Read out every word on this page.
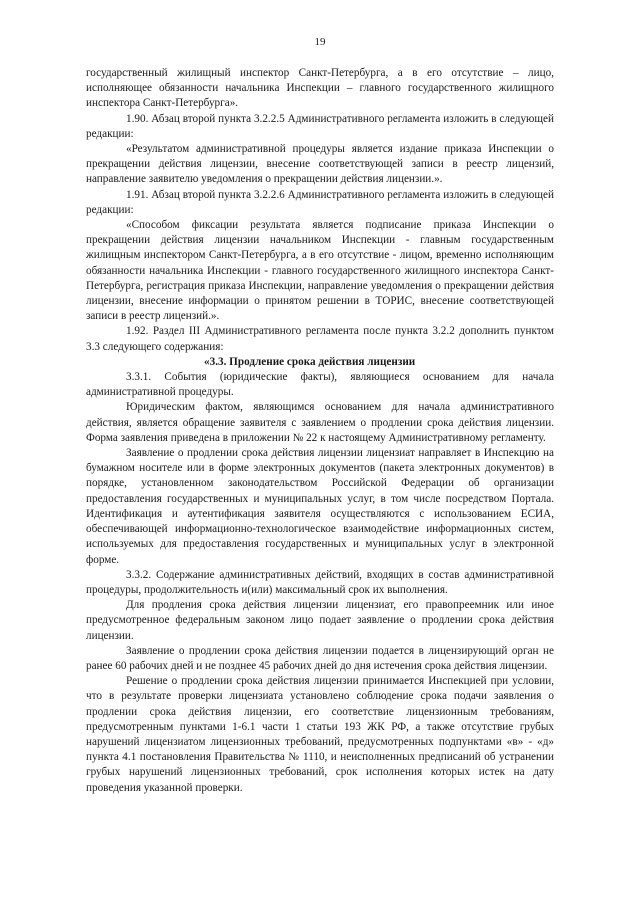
19

государственный жилищный инспектор Санкт-Петербурга, а в его отсутствие – лицо, исполняющее обязанности начальника Инспекции – главного государственного жилищного инспектора Санкт-Петербурга».

1.90. Абзац второй пункта 3.2.2.5 Административного регламента изложить в следующей редакции:

«Результатом административной процедуры является издание приказа Инспекции о прекращении действия лицензии, внесение соответствующей записи в реестр лицензий, направление заявителю уведомления о прекращении действия лицензии.».

1.91. Абзац второй пункта 3.2.2.6 Административного регламента изложить в следующей редакции:

«Способом фиксации результата является подписание приказа Инспекции о прекращении действия лицензии начальником Инспекции - главным государственным жилищным инспектором Санкт-Петербурга, а в его отсутствие - лицом, временно исполняющим обязанности начальника Инспекции - главного государственного жилищного инспектора Санкт-Петербурга, регистрация приказа Инспекции, направление уведомления о прекращении действия лицензии, внесение информации о принятом решении в ТОРИС, внесение соответствующей записи в реестр лицензий.».

1.92. Раздел III Административного регламента после пункта 3.2.2 дополнить пунктом 3.3 следующего содержания:

«3.3. Продление срока действия лицензии

3.3.1. События (юридические факты), являющиеся основанием для начала административной процедуры.

Юридическим фактом, являющимся основанием для начала административного действия, является обращение заявителя с заявлением о продлении срока действия лицензии. Форма заявления приведена в приложении № 22 к настоящему Административному регламенту.

Заявление о продлении срока действия лицензии лицензиат направляет в Инспекцию на бумажном носителе или в форме электронных документов (пакета электронных документов) в порядке, установленном законодательством Российской Федерации об организации предоставления государственных и муниципальных услуг, в том числе посредством Портала. Идентификация и аутентификация заявителя осуществляются с использованием ЕСИА, обеспечивающей информационно-технологическое взаимодействие информационных систем, используемых для предоставления государственных и муниципальных услуг в электронной форме.

3.3.2. Содержание административных действий, входящих в состав административной процедуры, продолжительность и(или) максимальный срок их выполнения.

Для продления срока действия лицензии лицензиат, его правопреемник или иное предусмотренное федеральным законом лицо подает заявление о продлении срока действия лицензии.

Заявление о продлении срока действия лицензии подается в лицензирующий орган не ранее 60 рабочих дней и не позднее 45 рабочих дней до дня истечения срока действия лицензии.

Решение о продлении срока действия лицензии принимается Инспекцией при условии, что в результате проверки лицензиата установлено соблюдение срока подачи заявления о продлении срока действия лицензии, его соответствие лицензионным требованиям, предусмотренным пунктами 1-6.1 части 1 статьи 193 ЖК РФ, а также отсутствие грубых нарушений лицензиатом лицензионных требований, предусмотренных подпунктами «в» - «д» пункта 4.1 постановления Правительства № 1110, и неисполненных предписаний об устранении грубых нарушений лицензионных требований, срок исполнения которых истек на дату проведения указанной проверки.
